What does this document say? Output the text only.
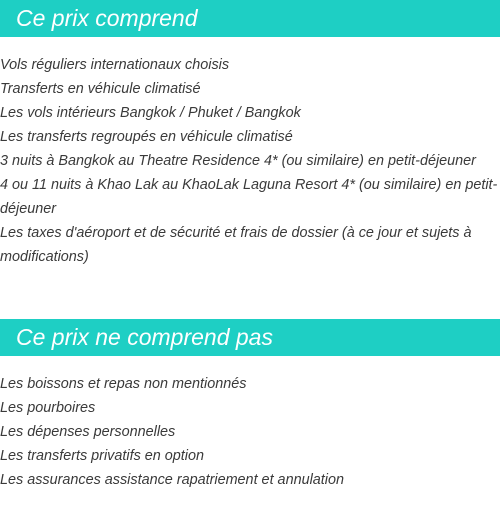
Ce prix comprend
Vols réguliers internationaux choisis
Transferts en véhicule climatisé
Les vols intérieurs Bangkok / Phuket / Bangkok
Les transferts regroupés en véhicule climatisé
3 nuits à Bangkok au Theatre Residence 4* (ou similaire) en petit-déjeuner
4 ou 11 nuits à Khao Lak au KhaoLak Laguna Resort 4* (ou similaire) en petit-déjeuner
Les taxes d'aéroport et de sécurité et frais de dossier (à ce jour et sujets à modifications)
Ce prix ne comprend pas
Les boissons et repas non mentionnés
Les pourboires
Les dépenses personnelles
Les transferts privatifs en option
Les assurances assistance rapatriement et annulation
